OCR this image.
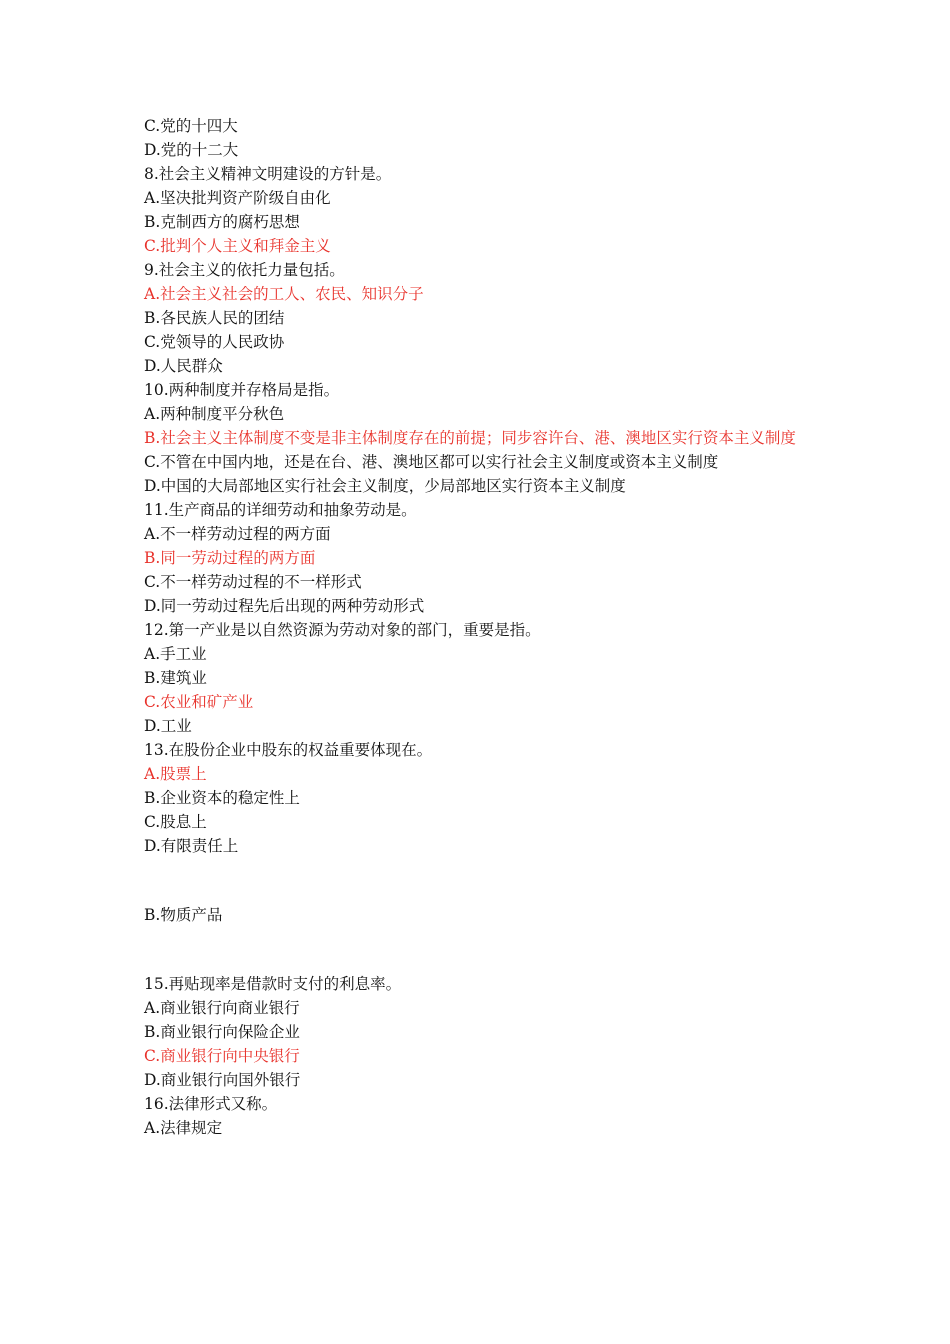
C.党的十四大
D.党的十二大
8.社会主义精神文明建设的方针是。
A.坚决批判资产阶级自由化
B.克制西方的腐朽思想
C.批判个人主义和拜金主义
9.社会主义的依托力量包括。
A.社会主义社会的工人、农民、知识分子
B.各民族人民的团结
C.党领导的人民政协
D.人民群众
10.两种制度并存格局是指。
A.两种制度平分秋色
B.社会主义主体制度不变是非主体制度存在的前提；同步容许台、港、澳地区实行资本主义制度
C.不管在中国内地，还是在台、港、澳地区都可以实行社会主义制度或资本主义制度
D.中国的大局部地区实行社会主义制度，少局部地区实行资本主义制度
11.生产商品的详细劳动和抽象劳动是。
A.不一样劳动过程的两方面
B.同一劳动过程的两方面
C.不一样劳动过程的不一样形式
D.同一劳动过程先后出现的两种劳动形式
12.第一产业是以自然资源为劳动对象的部门，重要是指。
A.手工业
B.建筑业
C.农业和矿产业
D.工业
13.在股份企业中股东的权益重要体现在。
A.股票上
B.企业资本的稳定性上
C.股息上
D.有限责任上
B.物质产品
15.再贴现率是借款时支付的利息率。
A.商业银行向商业银行
B.商业银行向保险企业
C.商业银行向中央银行
D.商业银行向国外银行
16.法律形式又称。
A.法律规定
